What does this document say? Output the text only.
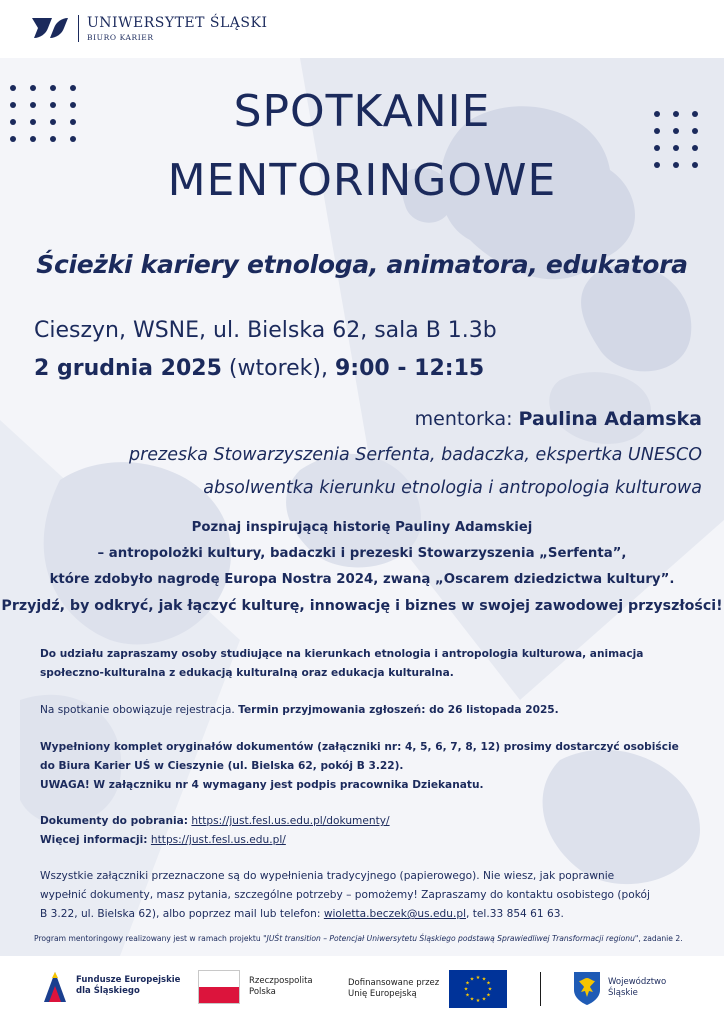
UNIWERSYTET ŚLĄSKI
BIURO KARIER
SPOTKANIE
MENTORINGOWE
Ścieżki kariery etnologa, animatora, edukatora
Cieszyn, WSNE, ul. Bielska 62, sala B 1.3b
2 grudnia 2025 (wtorek), 9:00 - 12:15
mentorka: Paulina Adamska
prezeska Stowarzyszenia Serfenta, badaczka, ekspertka UNESCO
absolwentka kierunku etnologia i antropologia kulturowa
Poznaj inspirującą historię Pauliny Adamskiej
– antropolożki kultury, badaczki i prezeski Stowarzyszenia „Serfenta”,
które zdobyło nagrodę Europa Nostra 2024, zwaną „Oscarem dziedzictwa kultury”.
Przyjdź, by odkryć, jak łączyć kulturę, innowację i biznes w swojej zawodowej przyszłości!
Do udziału zapraszamy osoby studiujące na kierunkach etnologia i antropologia kulturowa, animacja społeczno-kulturalna z edukacją kulturalną oraz edukacja kulturalna.
Na spotkanie obowiązuje rejestracja. Termin przyjmowania zgłoszeń: do 26 listopada 2025.
Wypełniony komplet oryginałów dokumentów (załączniki nr: 4, 5, 6, 7, 8, 12) prosimy dostarczyć osobiście
do Biura Karier UŚ w Cieszynie (ul. Bielska 62, pokój B 3.22).
UWAGA! W załączniku nr 4 wymagany jest podpis pracownika Dziekanatu.
Dokumenty do pobrania: https://just.fesl.us.edu.pl/dokumenty/
Więcej informacji: https://just.fesl.us.edu.pl/
Wszystkie załączniki przeznaczone są do wypełnienia tradycyjnego (papierowego). Nie wiesz, jak poprawnie
wypełnić dokumenty, masz pytania, szczególne potrzeby – pomożemy! Zapraszamy do kontaktu osobistego (pokój
B 3.22, ul. Bielska 62), albo poprzez mail lub telefon: wioletta.beczek@us.edu.pl, tel.33 854 61 63.
Program mentoringowy realizowany jest w ramach projektu "JUŚt transition – Potencjał Uniwersytetu Śląskiego podstawą Sprawiedliwej Transformacji regionu", zadanie 2.
Fundusze Europejskie
dla Śląskiego
Rzeczpospolita
Polska
Dofinansowane przez
Unię Europejską
★ ★
★
★
★
★
★
★
★
★
★
★	Województwo
Śląskie
